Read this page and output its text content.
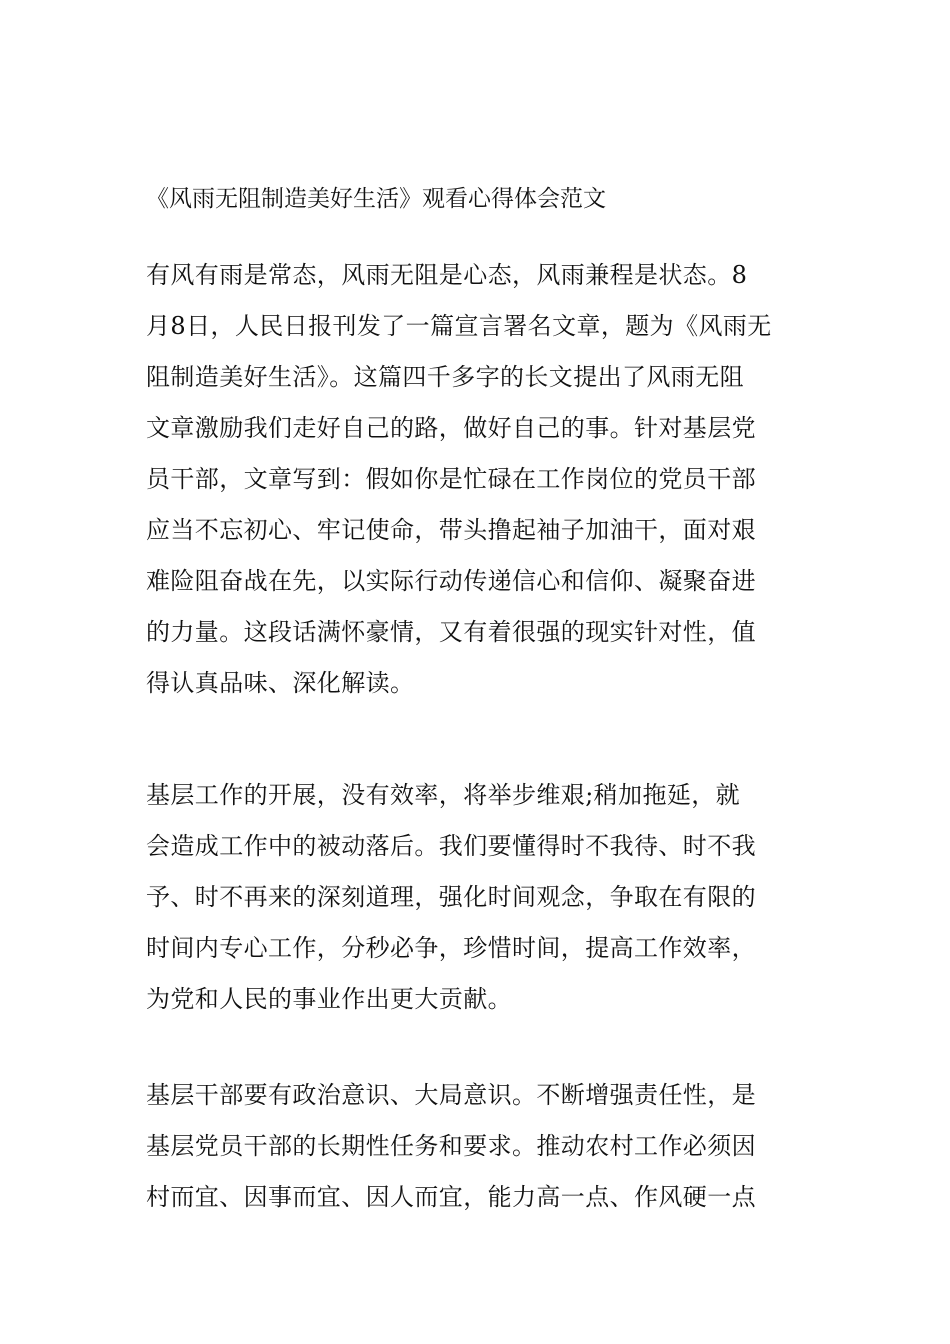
《风雨无阻制造美好生活》观看心得体会范文
有风有雨是常态，风雨无阻是心态，风雨兼程是状态。8
月8日，人民日报刊发了一篇宣言署名文章，题为《风雨无
阻制造美好生活》。这篇四千多字的长文提出了风雨无阻
文章激励我们走好自己的路，做好自己的事。针对基层党
员干部，文章写到：假如你是忙碌在工作岗位的党员干部
应当不忘初心、牢记使命，带头撸起袖子加油干，面对艰
难险阻奋战在先，以实际行动传递信心和信仰、凝聚奋进
的力量。这段话满怀豪情，又有着很强的现实针对性，值
得认真品味、深化解读。
基层工作的开展，没有效率，将举步维艰;稍加拖延，就
会造成工作中的被动落后。我们要懂得时不我待、时不我
予、时不再来的深刻道理，强化时间观念，争取在有限的
时间内专心工作，分秒必争，珍惜时间，提高工作效率，
为党和人民的事业作出更大贡献。
基层干部要有政治意识、大局意识。不断增强责任性，是
基层党员干部的长期性任务和要求。推动农村工作必须因
村而宜、因事而宜、因人而宜，能力高一点、作风硬一点
